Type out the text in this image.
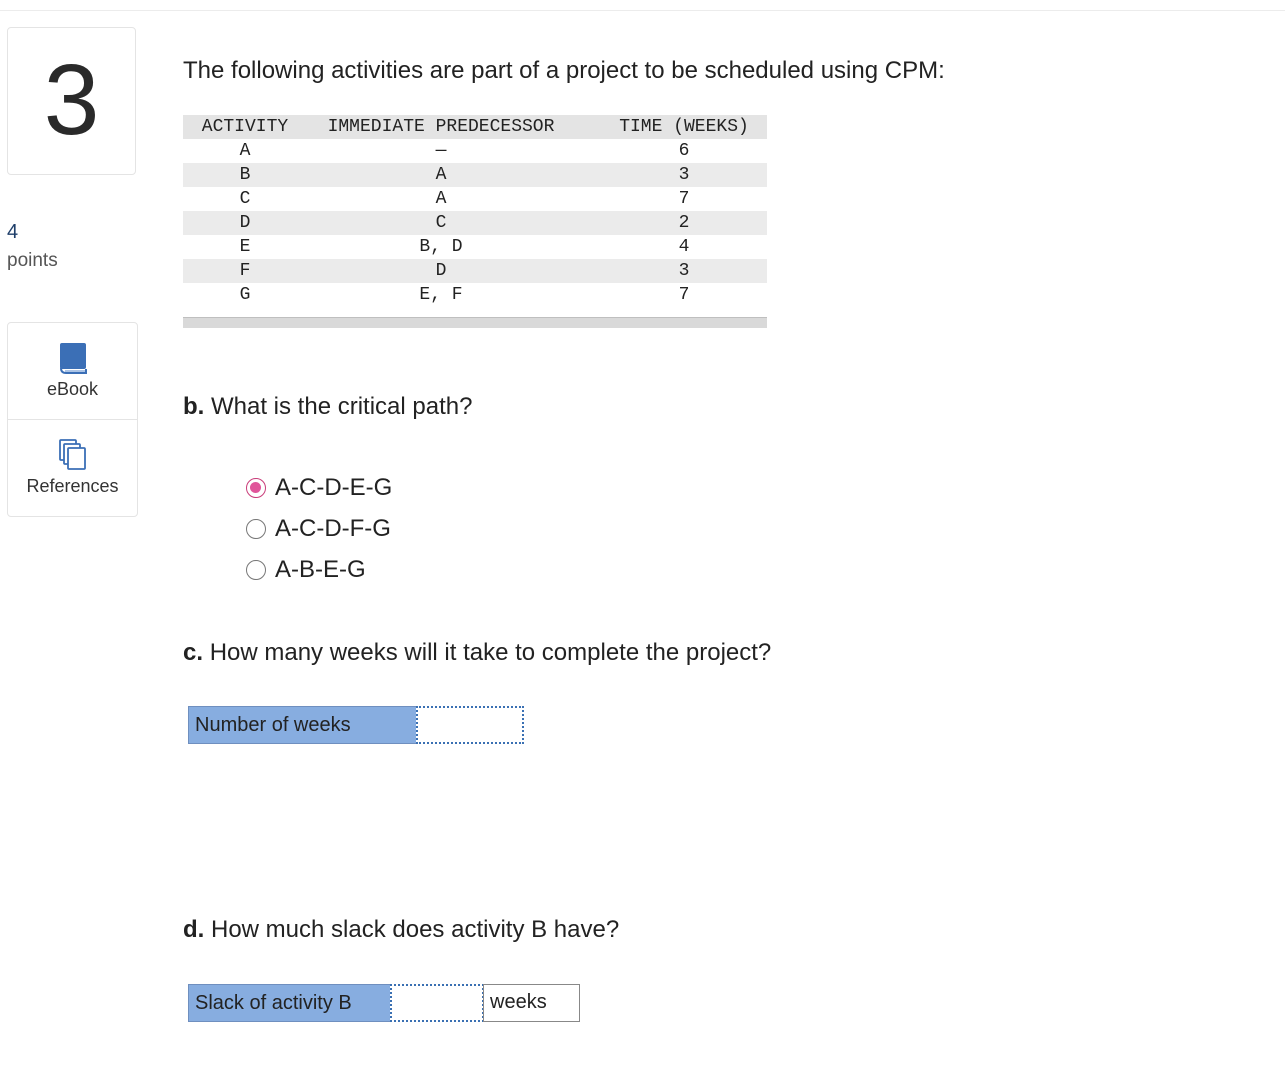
3
4
points
eBook
References
The following activities are part of a project to be scheduled using CPM:
ACTIVITY	IMMEDIATE PREDECESSOR	TIME (WEEKS)
A	—	6
B	A	3
C	A	7
D	C	2
E	B, D	4
F	D	3
G	E, F	7
b. What is the critical path?
A-C-D-E-G
A-C-D-F-G
A-B-E-G
c. How many weeks will it take to complete the project?
Number of weeks
d. How much slack does activity B have?
Slack of activity B	weeks
